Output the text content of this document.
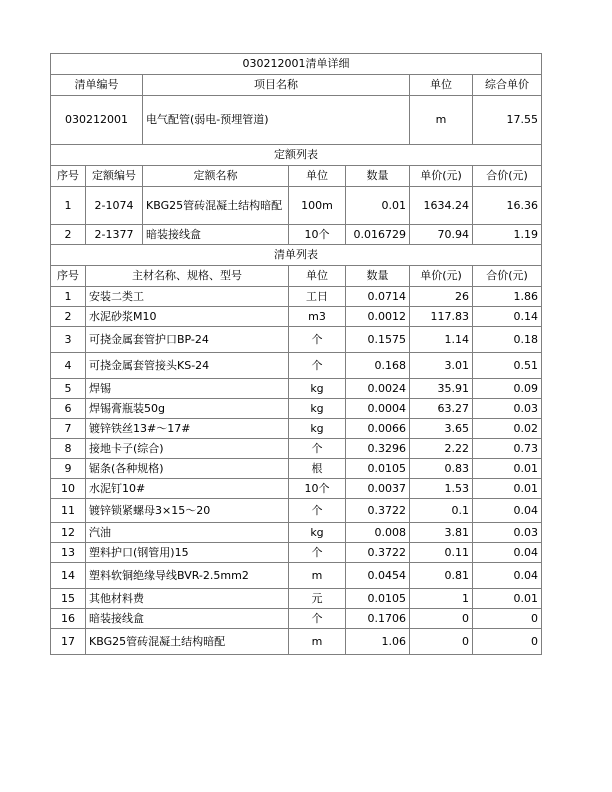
030212001清单详细						
清单编号		项目名称			单位	综合单价
030212001		电气配管(弱电-预埋管道)			m	17.55
定额列表						
序号	定额编号	定额名称	单位	数量	单价(元)	合价(元)
1	2-1074	KBG25管砖混凝土结构暗配	100m	0.01	1634.24	16.36
2	2-1377	暗装接线盒	10个	0.016729	70.94	1.19
清单列表						
序号	主材名称、规格、型号		单位	数量	单价(元)	合价(元)
1	安装二类工		工日	0.0714	26	1.86
2	水泥砂浆M10		m3	0.0012	117.83	0.14
3	可挠金属套管护口BP-24		个	0.1575	1.14	0.18
4	可挠金属套管接头KS-24		个	0.168	3.01	0.51
5	焊锡		kg	0.0024	35.91	0.09
6	焊锡膏瓶装50g		kg	0.0004	63.27	0.03
7	镀锌铁丝13#～17#		kg	0.0066	3.65	0.02
8	接地卡子(综合)		个	0.3296	2.22	0.73
9	锯条(各种规格)		根	0.0105	0.83	0.01
10	水泥钉10#		10个	0.0037	1.53	0.01
11	镀锌锁紧螺母3×15～20		个	0.3722	0.1	0.04
12	汽油		kg	0.008	3.81	0.03
13	塑料护口(钢管用)15		个	0.3722	0.11	0.04
14	塑料软铜绝缘导线BVR-2.5mm2		m	0.0454	0.81	0.04
15	其他材料费		元	0.0105	1	0.01
16	暗装接线盒		个	0.1706	0	0
17	KBG25管砖混凝土结构暗配		m	1.06	0	0
